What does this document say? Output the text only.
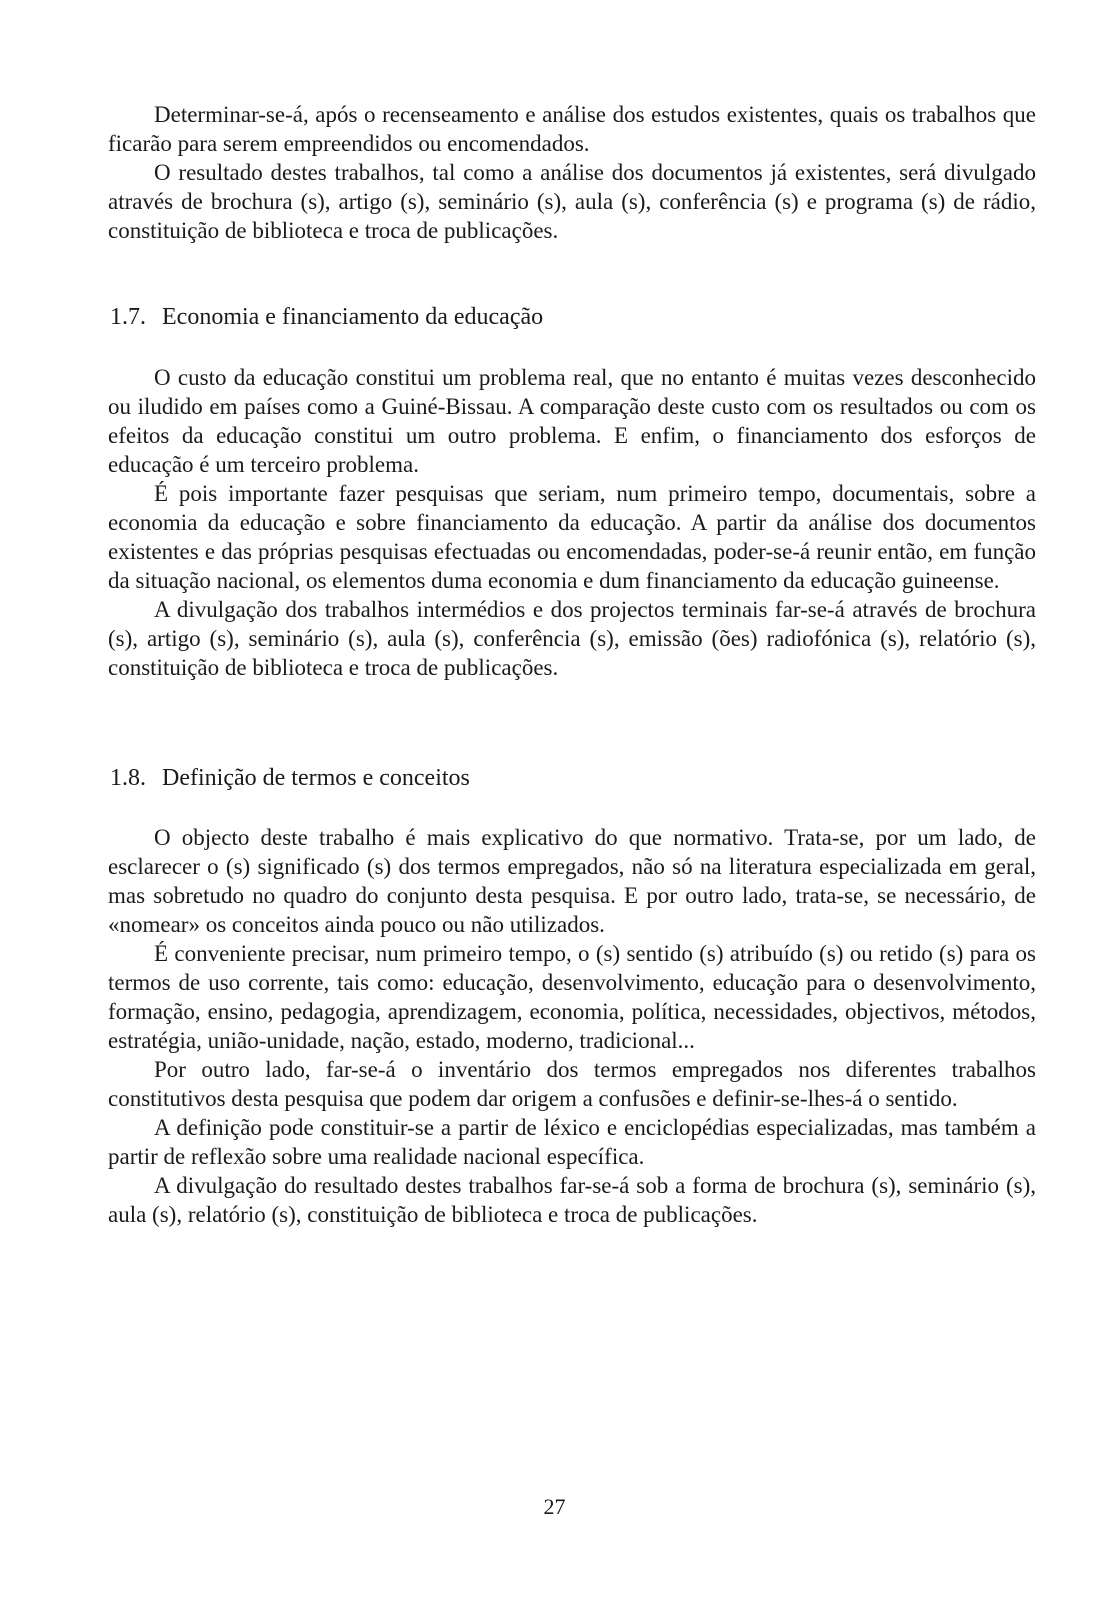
Determinar-se-á, após o recenseamento e análise dos estudos existentes, quais os trabalhos que ficarão para serem empreendidos ou encomendados.

O resultado destes trabalhos, tal como a análise dos documentos já existentes, será divulgado através de brochura (s), artigo (s), seminário (s), aula (s), conferência (s) e programa (s) de rádio, constituição de biblioteca e troca de publicações.

1.7. Economia e financiamento da educação

O custo da educação constitui um problema real, que no entanto é muitas vezes desconhecido ou iludido em países como a Guiné-Bissau. A comparação deste custo com os resultados ou com os efeitos da educação constitui um outro problema. E enfim, o financiamento dos esforços de educação é um terceiro problema.

É pois importante fazer pesquisas que seriam, num primeiro tempo, documentais, sobre a economia da educação e sobre financiamento da educação. A partir da análise dos documentos existentes e das próprias pesquisas efectuadas ou encomendadas, poder-se-á reunir então, em função da situação nacional, os elementos duma economia e dum financiamento da educação guineense.

A divulgação dos trabalhos intermédios e dos projectos terminais far-se-á através de brochura (s), artigo (s), seminário (s), aula (s), conferência (s), emissão (ões) radiofónica (s), relatório (s), constituição de biblioteca e troca de publicações.

1.8. Definição de termos e conceitos

O objecto deste trabalho é mais explicativo do que normativo. Trata-se, por um lado, de esclarecer o (s) significado (s) dos termos empregados, não só na literatura especializada em geral, mas sobretudo no quadro do conjunto desta pesquisa. E por outro lado, trata-se, se necessário, de «nomear» os conceitos ainda pouco ou não utilizados.

É conveniente precisar, num primeiro tempo, o (s) sentido (s) atribuído (s) ou retido (s) para os termos de uso corrente, tais como: educação, desenvolvimento, educação para o desenvolvimento, formação, ensino, pedagogia, aprendizagem, economia, política, necessidades, objectivos, métodos, estratégia, união-unidade, nação, estado, moderno, tradicional...

Por outro lado, far-se-á o inventário dos termos empregados nos diferentes trabalhos constitutivos desta pesquisa que podem dar origem a confusões e definir-se-lhes-á o sentido.

A definição pode constituir-se a partir de léxico e enciclopédias especializadas, mas também a partir de reflexão sobre uma realidade nacional específica.

A divulgação do resultado destes trabalhos far-se-á sob a forma de brochura (s), seminário (s), aula (s), relatório (s), constituição de biblioteca e troca de publicações.

27
